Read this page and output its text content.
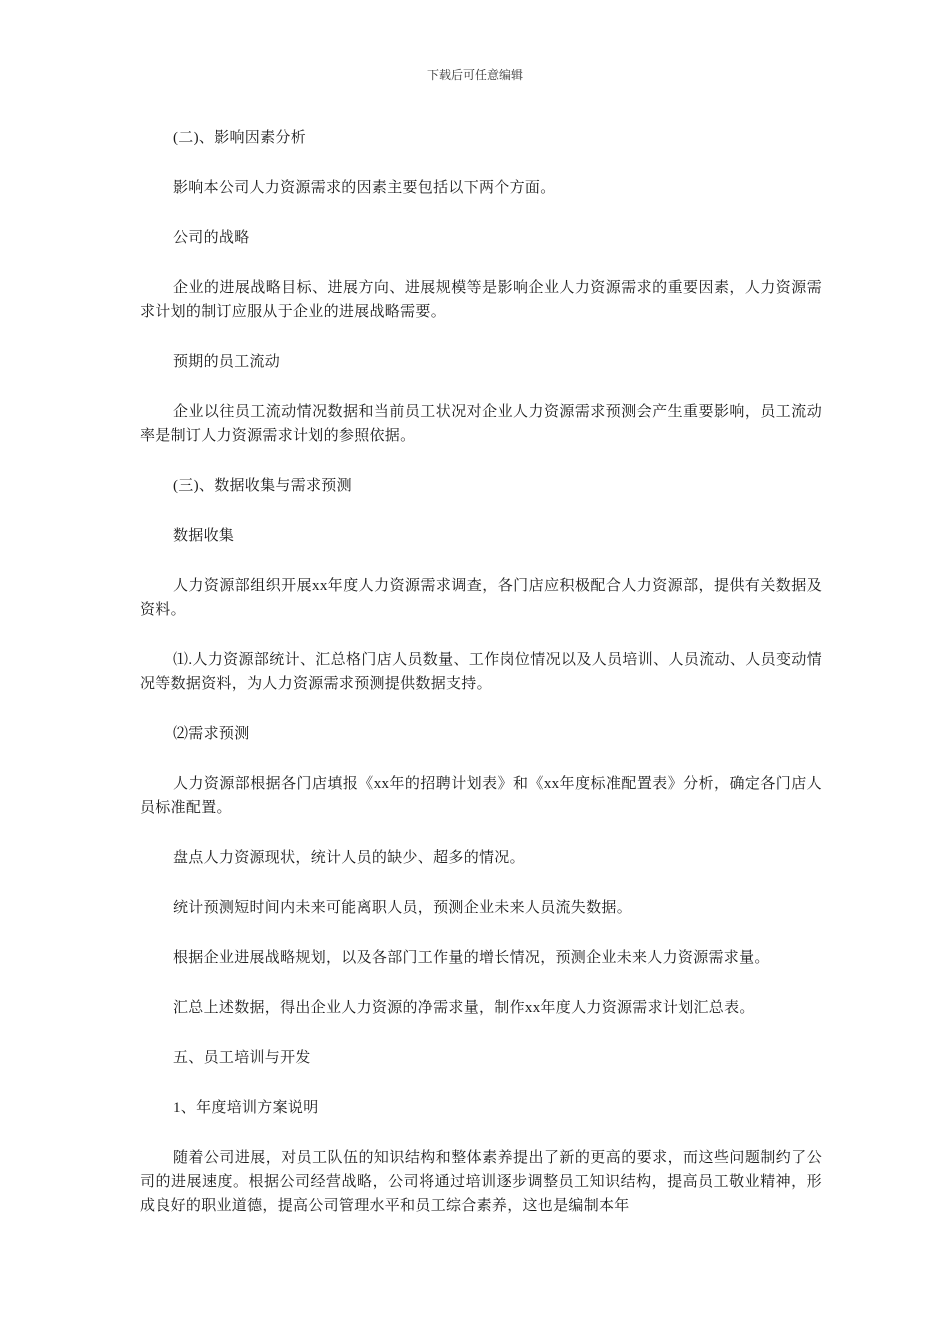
下载后可任意编辑

(二)、影响因素分析

影响本公司人力资源需求的因素主要包括以下两个方面。

公司的战略

企业的进展战略目标、进展方向、进展规模等是影响企业人力资源需求的重要因素，人力资源需求计划的制订应服从于企业的进展战略需要。

预期的员工流动

企业以往员工流动情况数据和当前员工状况对企业人力资源需求预测会产生重要影响，员工流动率是制订人力资源需求计划的参照依据。

(三)、数据收集与需求预测

数据收集

人力资源部组织开展xx年度人力资源需求调查，各门店应积极配合人力资源部，提供有关数据及资料。

⑴.人力资源部统计、汇总格门店人员数量、工作岗位情况以及人员培训、人员流动、人员变动情况等数据资料，为人力资源需求预测提供数据支持。

⑵需求预测

人力资源部根据各门店填报《xx年的招聘计划表》和《xx年度标准配置表》分析，确定各门店人员标准配置。

盘点人力资源现状，统计人员的缺少、超多的情况。

统计预测短时间内未来可能离职人员，预测企业未来人员流失数据。

根据企业进展战略规划，以及各部门工作量的增长情况，预测企业未来人力资源需求量。

汇总上述数据，得出企业人力资源的净需求量，制作xx年度人力资源需求计划汇总表。

五、员工培训与开发

1、年度培训方案说明

随着公司进展，对员工队伍的知识结构和整体素养提出了新的更高的要求，而这些问题制约了公司的进展速度。根据公司经营战略，公司将通过培训逐步调整员工知识结构，提高员工敬业精神，形成良好的职业道德，提高公司管理水平和员工综合素养，这也是编制本年
